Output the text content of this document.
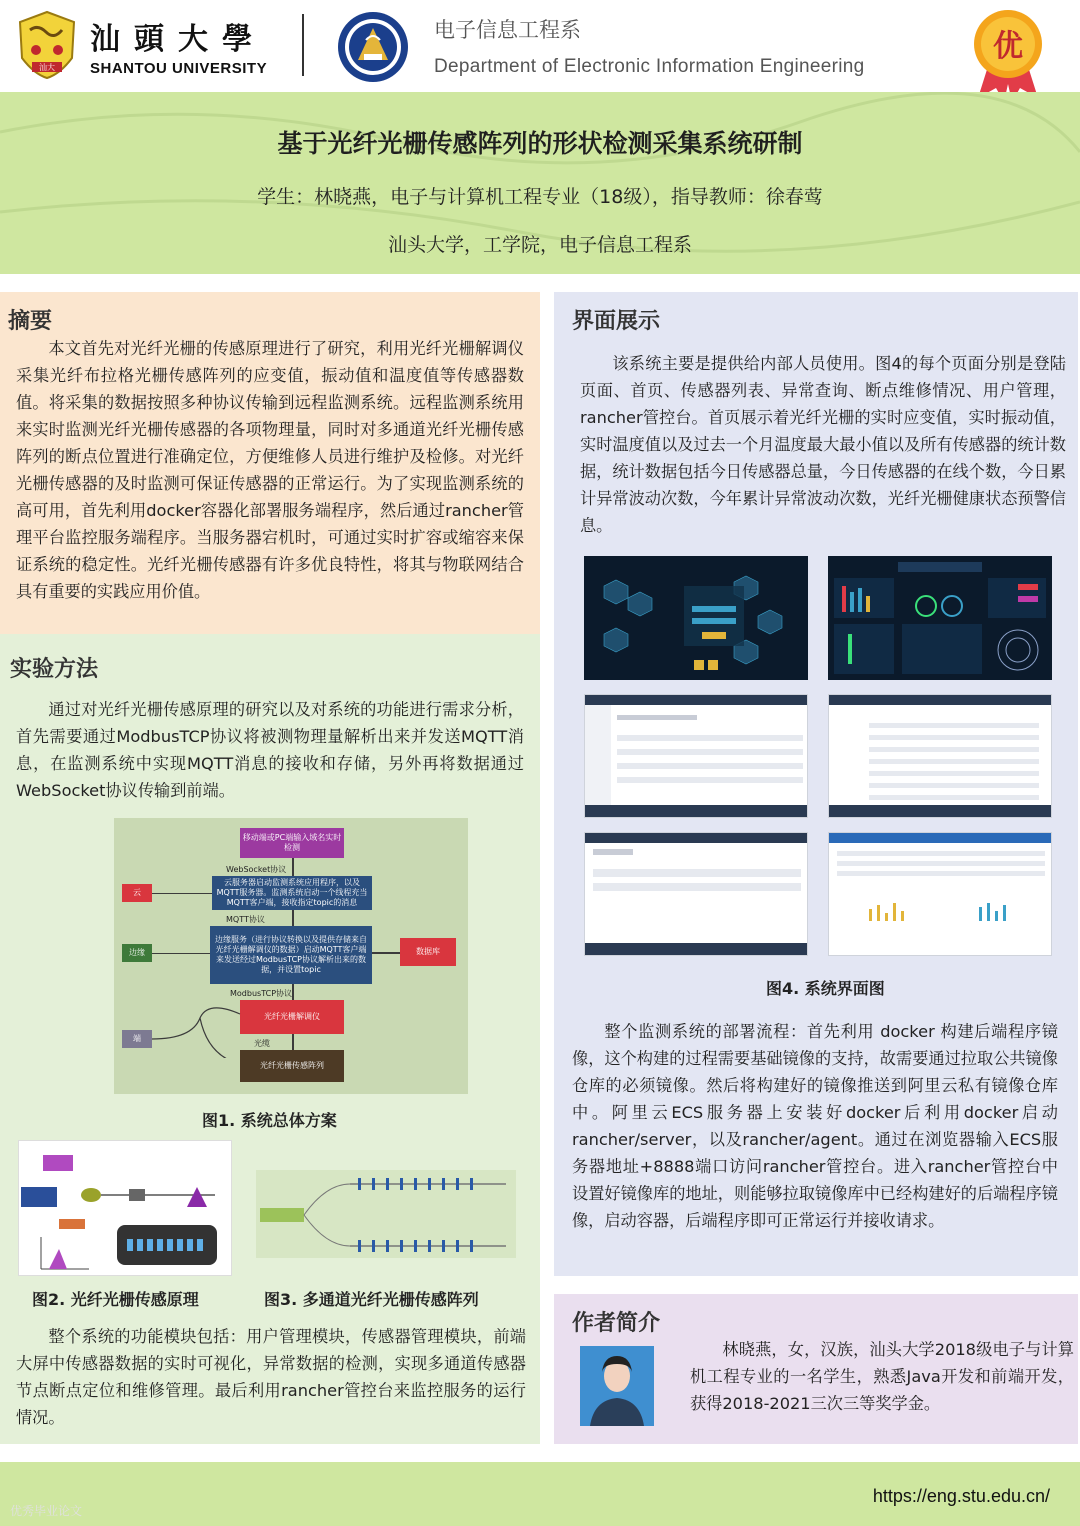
汕大
汕頭大學
SHANTOU UNIVERSITY
电子信息工程系
Department of Electronic Information Engineering
优
基于光纤光栅传感阵列的形状检测采集系统研制
学生：林晓燕，电子与计算机工程专业（18级），指导教师：徐春莺
汕头大学，工学院，电子信息工程系
摘要
本文首先对光纤光栅的传感原理进行了研究，利用光纤光栅解调仪采集光纤布拉格光栅传感阵列的应变值，振动值和温度值等传感器数值。将采集的数据按照多种协议传输到远程监测系统。远程监测系统用来实时监测光纤光栅传感器的各项物理量，同时对多通道光纤光栅传感阵列的断点位置进行准确定位，方便维修人员进行维护及检修。对光纤光栅传感器的及时监测可保证传感器的正常运行。为了实现监测系统的高可用，首先利用docker容器化部署服务端程序，然后通过rancher管理平台监控服务端程序。当服务器宕机时，可通过实时扩容或缩容来保证系统的稳定性。光纤光栅传感器有许多优良特性，将其与物联网结合具有重要的实践应用价值。
实验方法
通过对光纤光栅传感原理的研究以及对系统的功能进行需求分析，首先需要通过ModbusTCP协议将被测物理量解析出来并发送MQTT消息，在监测系统中实现MQTT消息的接收和存储，另外再将数据通过WebSocket协议传输到前端。
移动端或PC端输入域名实时检测
WebSocket协议
云服务器启动监测系统应用程序，以及MQTT服务器。监测系统启动一个线程充当MQTT客户端，接收指定topic的消息
MQTT协议
边缘服务（进行协议转换以及提供存储来自光纤光栅解调仪的数据）启动MQTT客户端来发送经过ModbusTCP协议解析出来的数据，并设置topic
ModbusTCP协议
光纤光栅解调仪
光缆
光纤光栅传感阵列
云
边缘
端
数据库
图1. 系统总体方案
图2. 光纤光栅传感原理	图3. 多通道光纤光栅传感阵列
整个系统的功能模块包括：用户管理模块，传感器管理模块，前端大屏中传感器数据的实时可视化，异常数据的检测，实现多通道传感器节点断点定位和维修管理。最后利用rancher管控台来监控服务的运行情况。
界面展示
该系统主要是提供给内部人员使用。图4的每个页面分别是登陆页面、首页、传感器列表、异常查询、断点维修情况、用户管理，rancher管控台。首页展示着光纤光栅的实时应变值，实时振动值，实时温度值以及过去一个月温度最大最小值以及所有传感器的统计数据，统计数据包括今日传感器总量，今日传感器的在线个数，今日累计异常波动次数，今年累计异常波动次数，光纤光栅健康状态预警信息。
图4. 系统界面图
整个监测系统的部署流程：首先利用 docker 构建后端程序镜像，这个构建的过程需要基础镜像的支持，故需要通过拉取公共镜像仓库的必须镜像。然后将构建好的镜像推送到阿里云私有镜像仓库中。阿里云ECS服务器上安装好docker后利用docker启动rancher/server，以及rancher/agent。通过在浏览器输入ECS服务器地址+8888端口访问rancher管控台。进入rancher管控台中设置好镜像库的地址，则能够拉取镜像库中已经构建好的后端程序镜像，启动容器，后端程序即可正常运行并接收请求。
作者简介
林晓燕，女，汉族，汕头大学2018级电子与计算机工程专业的一名学生，熟悉Java开发和前端开发，获得2018-2021三次三等奖学金。
https://eng.stu.edu.cn/
优秀毕业论文
